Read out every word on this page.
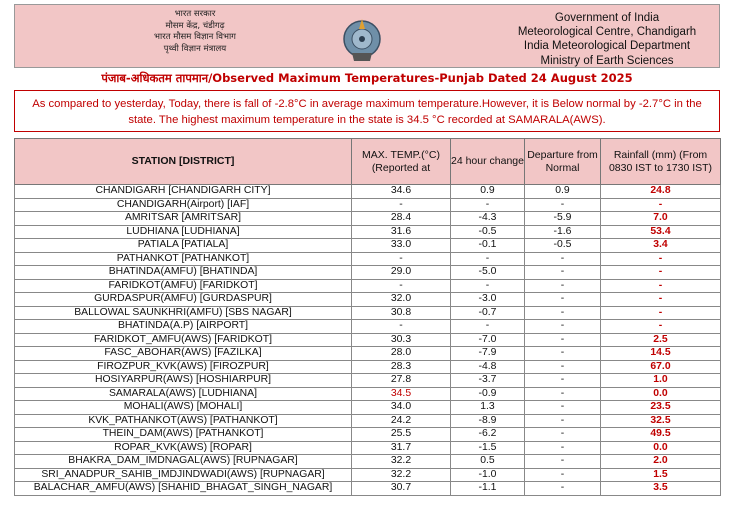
भारत सरकार
मौसम केंद्र, चंडीगढ़
भारत मौसम विज्ञान विभाग
पृथ्वी विज्ञान मंत्रालय
Government of India
Meteorological Centre, Chandigarh
India Meteorological Department
Ministry of Earth Sciences
पंजाब-अधिकतम तापमान/Observed Maximum Temperatures-Punjab Dated 24 August 2025
As compared to yesterday, Today, there is fall of -2.8°C in average maximum temperature.However, it is Below normal by -2.7°C in the state. The highest maximum temperature in the state is 34.5 °C recorded at SAMARALA(AWS).
STATION [DISTRICT]	MAX. TEMP.(°C) (Reported at	24 hour change	Departure from Normal	Rainfall (mm) (From 0830 IST to 1730 IST)
CHANDIGARH [CHANDIGARH CITY]	34.6	0.9	0.9	24.8
CHANDIGARH(Airport) [IAF]	-	-	-	-
AMRITSAR [AMRITSAR]	28.4	-4.3	-5.9	7.0
LUDHIANA [LUDHIANA]	31.6	-0.5	-1.6	53.4
PATIALA [PATIALA]	33.0	-0.1	-0.5	3.4
PATHANKOT [PATHANKOT]	-	-	-	-
BHATINDA(AMFU) [BHATINDA]	29.0	-5.0	-	-
FARIDKOT(AMFU) [FARIDKOT]	-	-	-	-
GURDASPUR(AMFU) [GURDASPUR]	32.0	-3.0	-	-
BALLOWAL SAUNKHRI(AMFU) [SBS NAGAR]	30.8	-0.7	-	-
BHATINDA(A.P) [AIRPORT]	-	-	-	-
FARIDKOT_AMFU(AWS) [FARIDKOT]	30.3	-7.0	-	2.5
FASC_ABOHAR(AWS) [FAZILKA]	28.0	-7.9	-	14.5
FIROZPUR_KVK(AWS) [FIROZPUR]	28.3	-4.8	-	67.0
HOSIYARPUR(AWS) [HOSHIARPUR]	27.8	-3.7	-	1.0
SAMARALA(AWS) [LUDHIANA]	34.5	-0.9	-	0.0
MOHALI(AWS) [MOHALI]	34.0	1.3	-	23.5
KVK_PATHANKOT(AWS) [PATHANKOT]	24.2	-8.9	-	32.5
THEIN_DAM(AWS) [PATHANKOT]	25.5	-6.2	-	49.5
ROPAR_KVK(AWS) [ROPAR]	31.7	-1.5	-	0.0
BHAKRA_DAM_IMDNAGAL(AWS) [RUPNAGAR]	32.2	0.5	-	2.0
SRI_ANADPUR_SAHIB_IMDJINDWADI(AWS) [RUPNAGAR]	32.2	-1.0	-	1.5
BALACHAR_AMFU(AWS) [SHAHID_BHAGAT_SINGH_NAGAR]	30.7	-1.1	-	3.5
